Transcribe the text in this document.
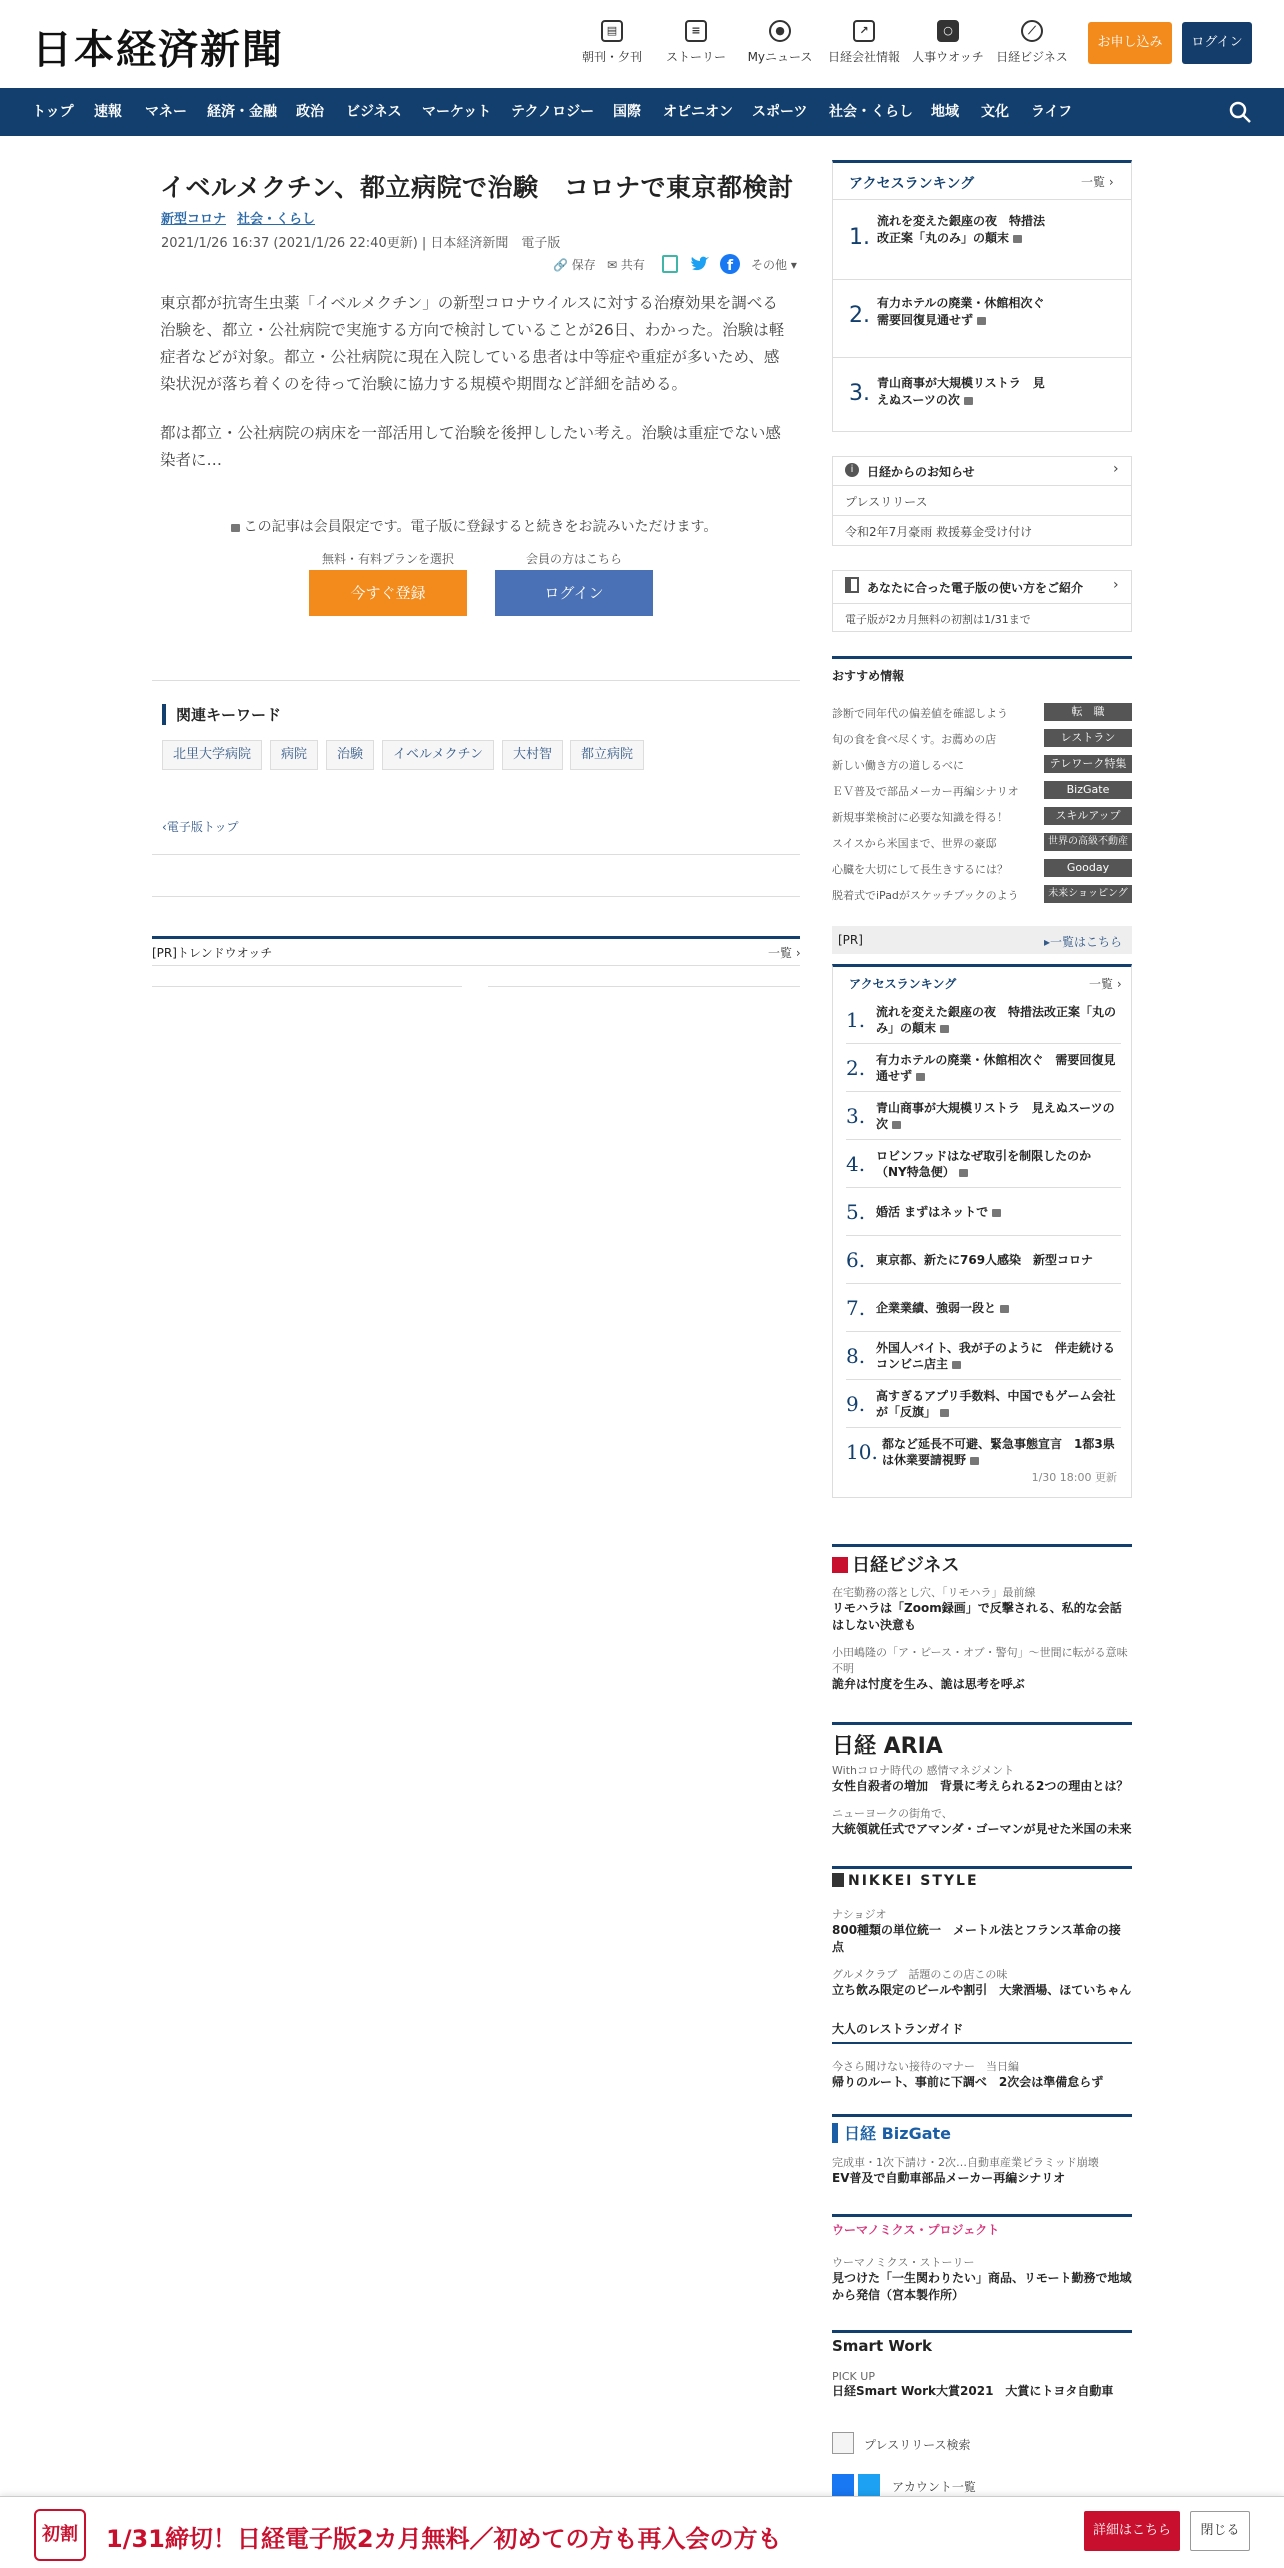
日本経済新聞	▤
朝刊・夕刊
≡
ストーリー
●
Myニュース
↗
日経会社情報
○
人事ウオッチ
⟋
日経ビジネス
お申し込み	ログイン
トップ 速報 マネー 経済・金融 政治 ビジネス マーケット テクノロジー 国際 オピニオン スポーツ 社会・くらし 地域 文化 ライフ
イベルメクチン、都立病院で治験　コロナで東京都検討
新型コロナ 社会・くらし
2021/1/26 16:37 (2021/1/26 22:40更新) | 日本経済新聞　電子版
🔗 保存 ✉ 共有	f その他 ▾
東京都が抗寄生虫薬「イベルメクチン」の新型コロナウイルスに対する治療効果を調べる治験を、都立・公社病院で実施する方向で検討していることが26日、わかった。治験は軽症者などが対象。都立・公社病院に現在入院している患者は中等症や重症が多いため、感染状況が落ち着くのを待って治験に協力する規模や期間など詳細を詰める。
都は都立・公社病院の病床を一部活用して治験を後押ししたい考え。治験は重症でない感染者に…
この記事は会員限定です。電子版に登録すると続きをお読みいただけます。
無料・有料プランを選択	会員の方はこちら
今すぐ登録	ログイン
関連キーワード
北里大学病院	病院	治験	イベルメクチン	大村智	都立病院
‹電子版トップ
[PR]トレンドウオッチ	一覧 ›
アクセスランキング	一覧 ›
1.
流れを変えた銀座の夜　特措法改正案「丸のみ」の顛末
2. 有力ホテルの廃業・休館相次ぐ　需要回復見通せず
3. 青山商事が大規模リストラ　見えぬスーツの次
i	日経からのお知らせ	›
プレスリリース
令和2年7月豪雨 救援募金受け付け
あなたに合った電子版の使い方をご紹介 ›
電子版が2カ月無料の初割は1/31まで
おすすめ情報
診断で同年代の偏差値を確認しよう	転　職
旬の食を食べ尽くす。お薦めの店	レストラン
新しい働き方の道しるべに	テレワーク特集
ＥＶ普及で部品メーカー再編シナリオ	BizGate
新規事業検討に必要な知識を得る！	スキルアップ
スイスから米国まで、世界の豪邸	世界の高級不動産
心臓を大切にして長生きするには？	Gooday
脱着式でiPadがスケッチブックのよう	未来ショッピング
[PR]	▸一覧はこちら
アクセスランキング	一覧 ›
1/30 18:00 更新
1. 流れを変えた銀座の夜　特措法改正案「丸のみ」の顛末
2. 有力ホテルの廃業・休館相次ぐ　需要回復見通せず
3. 青山商事が大規模リストラ　見えぬスーツの次
4. ロビンフッドはなぜ取引を制限したのか（NY特急便）
5. 婚活 まずはネットで
6. 東京都、新たに769人感染　新型コロナ
7. 企業業績、強弱一段と
8. 外国人バイト、我が子のように　伴走続けるコンビニ店主
9. 高すぎるアプリ手数料、中国でもゲーム会社が「反旗」
10. 都など延長不可避、緊急事態宣言　1都3県は休業要請視野
日経ビジネス
在宅勤務の落とし穴、「リモハラ」最前線
リモハラは「Zoom録画」で反撃される、私的な会話はしない決意も
小田嶋隆の「ア・ピース・オブ・警句」～世間に転がる意味不明
詭弁は忖度を生み、詭は思考を呼ぶ
日経 ARIA
Withコロナ時代の 感情マネジメント
女性自殺者の増加　背景に考えられる2つの理由とは？
ニューヨークの街角で、
大統領就任式でアマンダ・ゴーマンが見せた米国の未来
NIKKEI STYLE
ナショジオ
800種類の単位統一　メートル法とフランス革命の接点
グルメクラブ　話題のこの店この味
立ち飲み限定のビールや割引　大衆酒場、ほていちゃん
大人のレストランガイド
今さら聞けない接待のマナー　当日編
帰りのルート、事前に下調べ　2次会は準備怠らず
日経 BizGate
完成車・1次下請け・2次…自動車産業ピラミッド崩壊
EV普及で自動車部品メーカー再編シナリオ
ウーマノミクス・プロジェクト
ウーマノミクス・ストーリー
見つけた「一生関わりたい」商品、リモート勤務で地域から発信（宮本製作所）
Smart Work
PICK UP
日経Smart Work大賞2021　大賞にトヨタ自動車
プレスリリース検索
アカウント一覧
初割	1/31締切！日経電子版2カ月無料／初めての方も再入会の方も	詳細はこちら	閉じる
